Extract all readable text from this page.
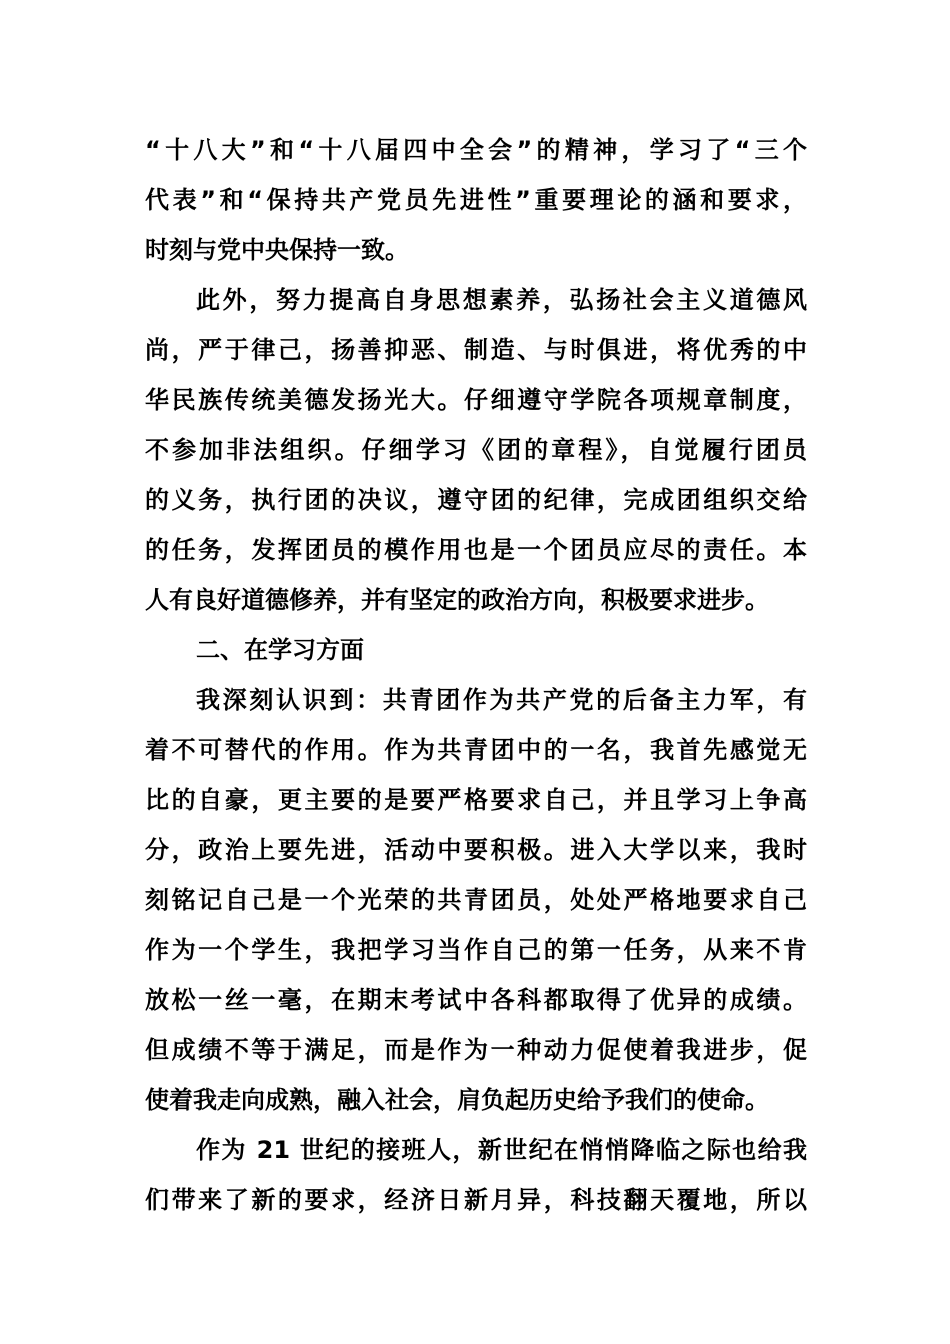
“十八大”和“十八届四中全会”的精神，学习了“三个
代表”和“保持共产党员先进性”重要理论的涵和要求，
时刻与党中央保持一致。
此外，努力提高自身思想素养，弘扬社会主义道德风
尚，严于律己，扬善抑恶、制造、与时俱进，将优秀的中
华民族传统美德发扬光大。仔细遵守学院各项规章制度，
不参加非法组织。仔细学习《团的章程》，自觉履行团员
的义务，执行团的决议，遵守团的纪律，完成团组织交给
的任务，发挥团员的模作用也是一个团员应尽的责任。本
人有良好道德修养，并有坚定的政治方向，积极要求进步。
二、在学习方面
我深刻认识到：共青团作为共产党的后备主力军，有
着不可替代的作用。作为共青团中的一名，我首先感觉无
比的自豪，更主要的是要严格要求自己，并且学习上争高
分，政治上要先进，活动中要积极。进入大学以来，我时
刻铭记自己是一个光荣的共青团员，处处严格地要求自己
作为一个学生，我把学习当作自己的第一任务，从来不肯
放松一丝一毫，在期末考试中各科都取得了优异的成绩。
但成绩不等于满足，而是作为一种动力促使着我进步，促
使着我走向成熟，融入社会，肩负起历史给予我们的使命。
作为 21 世纪的接班人，新世纪在悄悄降临之际也给我
们带来了新的要求，经济日新月异，科技翻天覆地，所以
